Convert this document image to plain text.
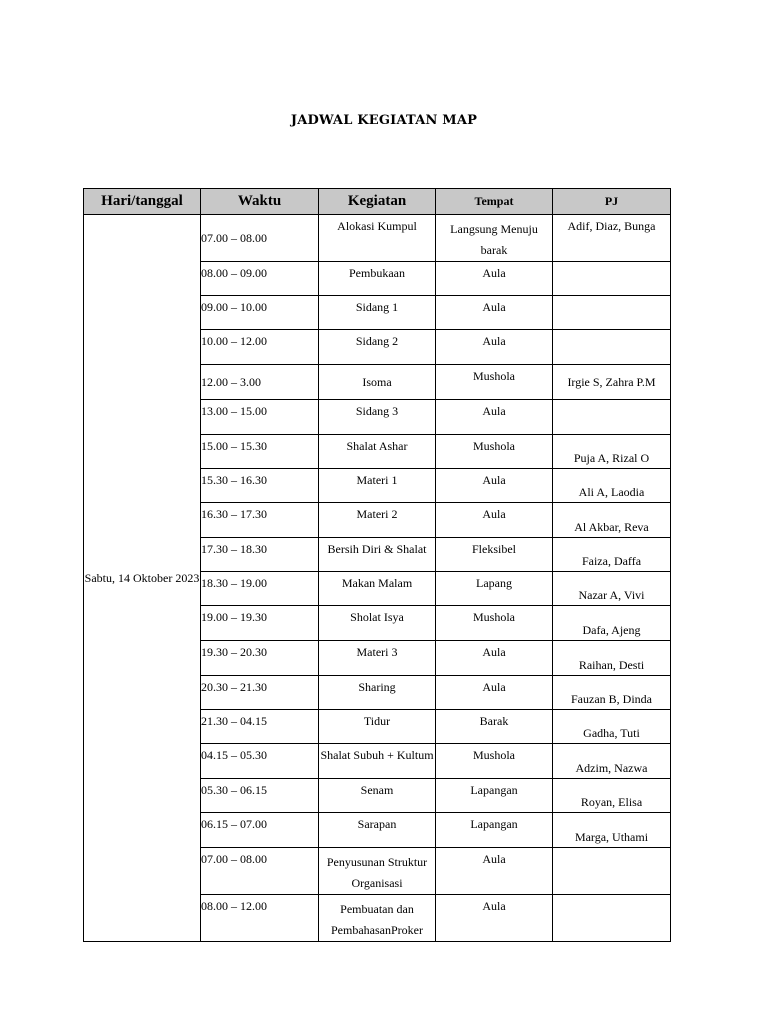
JADWAL KEGIATAN MAP
Hari/tanggal	Waktu	Kegiatan	Tempat	PJ
Sabtu, 14 Oktober 2023	07.00 – 08.00	Alokasi Kumpul	Langsung Menuju barak	Adif, Diaz, Bunga

	08.00 – 09.00	Pembukaan	Aula	

	09.00 – 10.00	Sidang 1	Aula	

	10.00 – 12.00	Sidang 2	Aula	

	12.00 – 3.00	Isoma	Mushola	Irgie S, Zahra P.M

	13.00 – 15.00	Sidang 3	Aula	

	15.00 – 15.30	Shalat Ashar	Mushola	Puja A, Rizal O

	15.30 – 16.30	Materi 1	Aula	Ali A, Laodia

	16.30 – 17.30	Materi 2	Aula	Al Akbar, Reva

	17.30 – 18.30	Bersih Diri & Shalat	Fleksibel	Faiza, Daffa

	18.30 – 19.00	Makan Malam	Lapang	Nazar A, Vivi

	19.00 – 19.30	Sholat Isya	Mushola	Dafa, Ajeng

	19.30 – 20.30	Materi 3	Aula	Raihan, Desti

	20.30 – 21.30	Sharing	Aula	Fauzan B, Dinda

	21.30 – 04.15	Tidur	Barak	Gadha, Tuti

	04.15 – 05.30	Shalat Subuh + Kultum	Mushola	Adzim, Nazwa

	05.30 – 06.15	Senam	Lapangan	Royan, Elisa

	06.15 – 07.00	Sarapan	Lapangan	Marga, Uthami

	07.00 – 08.00	Penyusunan Struktur Organisasi	Aula	

	08.00 – 12.00	Pembuatan dan PembahasanProker	Aula	
